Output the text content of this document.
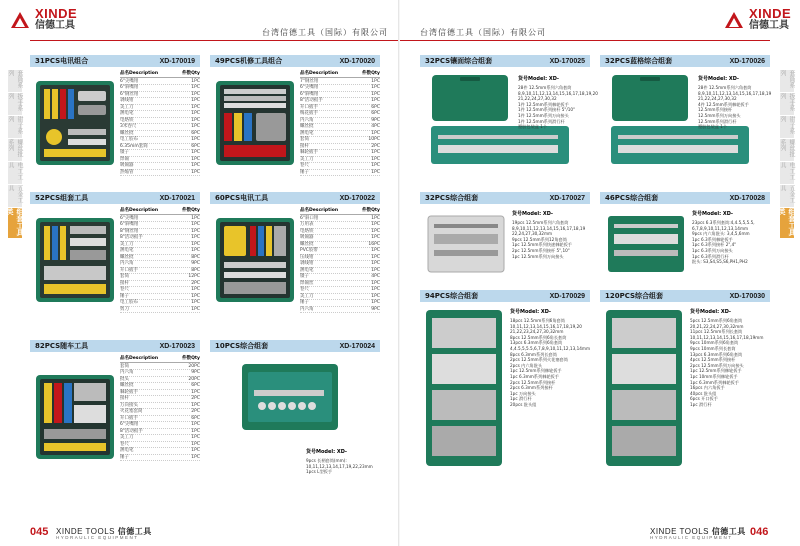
XINDE
信德工具
台湾信德工具（国际）有限公司
套筒系列
扳手系列
钳子系列
螺丝批系列
电工工具
五金工具
组套工具类
31PCS电讯组合	XD-170019
品名Description	件数Qty
6"尖嘴钳	1PC
6"斜嘴钳	1PC
6"钢丝钳	1PC
剥线钳	1PC
美工刀	1PC
测电笔	1PC
电烙铁	1PC
3米卷尺	1PC
螺丝批	6PC
电工胶布	1PC
6.35mm套筒	6PC
镊子	1PC
焊锡	1PC
吸锡器	1PC
热缩管	1PC
49PCS机修工具组合	XD-170020
品名Description	件数Qty
7"钢丝钳	1PC
6"尖嘴钳	1PC
6"斜嘴钳	1PC
8"活动扳手	1PC
开口扳手	6PC
梅花扳手	6PC
内六角	9PC
螺丝批	4PC
测电笔	1PC
套筒	10PC
接杆	2PC
棘轮扳手	1PC
美工刀	1PC
卷尺	1PC
锤子	1PC
52PCS组套工具	XD-170021
品名Description	件数Qty
6"尖嘴钳	1PC
6"斜嘴钳	1PC
8"钢丝钳	1PC
8"活动扳手	1PC
美工刀	1PC
测电笔	1PC
螺丝批	8PC
内六角	9PC
开口扳手	8PC
套筒	12PC
接杆	2PC
卷尺	1PC
锤子	1PC
电工胶布	1PC
剪刀	1PC
60PCS电讯工具	XD-170022
品名Description	件数Qty
6"斜口钳	1PC
万用表	1PC
电烙铁	1PC
吸锡器	1PC
螺丝批	16PC
PVC胶带	1PC
压线钳	1PC
剥线钳	1PC
测电笔	1PC
镊子	4PC
焊锡丝	1PC
卷尺	1PC
美工刀	1PC
锤子	1PC
内六角	9PC
82PCS随车工具	XD-170023
品名Description	件数Qty
套筒	20PC
内六角	9PC
批头	20PC
螺丝批	6PC
棘轮扳手	1PC
接杆	2PC
万向接头	1PC
火花塞套筒	2PC
开口扳手	6PC
6"尖嘴钳	1PC
8"活动扳手	1PC
美工刀	1PC
卷尺	1PC
测电笔	1PC
锤子	1PC
10PCS综合组套	XD-170024
货号Model: XD-
9pcs 长柄套筒(mm):
10,11,12,13,14,17,19,22,23mm
1pcs L型扳手
045 XINDE TOOLS 信德工具
HYDRAULIC EQUIPMENT
台湾信德工具（国际）有限公司
XINDE
信德工具
套筒系列
扳手系列
钳子系列
螺丝批系列
电工工具
五金工具
组套工具类
32PCS镶面综合组套	XD-170025
货号Model: XD-
28件 12.5mm系列六角套筒
8,9,10,11,12,13,14,15,16,17,18,19,20
21,22,24,27,30,32
1件 12.5mm系列棘轮扳手
1件 12.5mm系列接杆 5"/10"
1件 12.5mm系列万向接头
1件 12.5mm系列滑行杆
塑胶包装盒 1个
32PCS蓝格综合组套	XD-170026
货号Model: XD-
28件 12.5mm系列六角套筒
8,9,10,11,12,13,14,15,16,17,18,19
21,22,24,27,30,32
4件 12.5mm系列棘轮扳手
12.5mm系列接杆
12.5mm系列万向接头
12.5mm系列滑行杆
塑胶包装盒 1个
32PCS综合组套	XD-170027
货号Model: XD-
19pcs 12.5mm系列六角套筒
8,9,10,11,12,13,14,15,16,17,18,19
22,24,27,30,32mm
9pcs 12.5mm系列12角套筒
1pc 12.5mm系列快速棘轮扳手
2pc 12.5mm系列接杆 5",10"
1pc 12.5mm系列万向接头
46PCS综合组套	XD-170028
货号Model: XD-
23pcs 6.3系列套筒:4,4.5,5,5.5,
6,7,8,9,10,11,12,13,14mm
9pcs 内六角批头: 3,4,5,6mm
1pc 6.3系列棘轮扳手
1pc 6.3系列接杆 2",4"
1pc 6.3系列万向接头
1pc 6.3系列滑行杆
批头: S3,S4,S5,S6,PH1,PH2
94PCS综合组套	XD-170029
货号Model: XD-
18pcs 12.5mm系列6角套筒
10,11,12,13,14,15,16,17,18,19,20
21,22,23,24,27,30,32mm
8pcs 12.5mm系列6角长套筒
13pcs 6.3mm系列6角套筒
4,4.5,5,5.5,6,7,8,9,10,11,12,13,14mm
8pcs 6.3mm系列长套筒
2pcs 12.5mm系列火花塞套筒
2pcs 内六角批头
1pc 12.5mm系列棘轮扳手
1pc 6.3mm系列棘轮扳手
2pcs 12.5mm系列接杆
2pcs 6.3mm系列接杆
1pc 万向接头
1pc 滑行杆
20pcs 批头组
120PCS综合组套	XD-170030
货号Model: XD-
5pcs 12.5mm系列6角套筒
20,21,22,24,27,30,32mm
11pcs 12.5mm系列长套筒
10,11,12,13,14,15,16,17,18,19mm
9pcs 10mm系列6角套筒
9pcs 10mm系列长套筒
13pcs 6.3mm系列6角套筒
4pcs 12.5mm系列接杆
2pcs 12.5mm系列万向接头
1pc 12.5mm系列棘轮扳手
1pc 10mm系列棘轮扳手
1pc 6.3mm系列棘轮扳手
16pcs 内六角扳手
40pcs 批头组
6pcs 开口扳手
1pc 滑行杆
XINDE TOOLS 信德工具
HYDRAULIC EQUIPMENT 046
